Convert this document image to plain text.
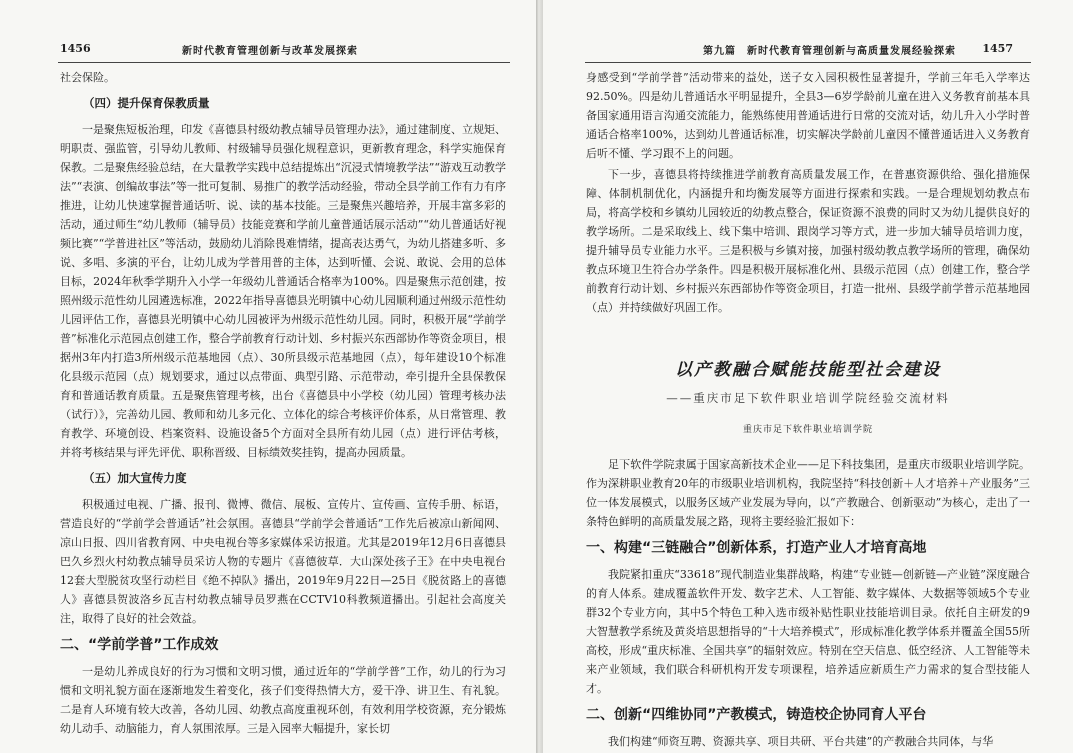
1456	新时代教育管理创新与改革发展探索

社会保险。

（四）提升保育保教质量

一是聚焦短板治理，印发《喜德县村级幼教点辅导员管理办法》，通过建制度、立规矩、明职责、强监管，引导幼儿教师、村级辅导员强化规程意识，更新教育理念，科学实施保育保教。二是聚焦经验总结，在大量教学实践中总结提炼出“沉浸式情境教学法”“游戏互动教学法”“表演、创编故事法”等一批可复制、易推广的教学活动经验，带动全县学前工作有力有序推进，让幼儿快速掌握普通话听、说、读的基本技能。三是聚焦兴趣培养，开展丰富多彩的活动，通过师生“幼儿教师（辅导员）技能竞赛和学前儿童普通话展示活动”“幼儿普通话好视频比赛”“学普进社区”等活动，鼓励幼儿消除畏难情绪，提高表达勇气，为幼儿搭建多听、多说、多唱、多演的平台，让幼儿成为学普用普的主体，达到听懂、会说、敢说、会用的总体目标，2024年秋季学期升入小学一年级幼儿普通话合格率为100%。四是聚焦示范创建，按照州级示范性幼儿园遴选标准，2022年指导喜德县光明镇中心幼儿园顺利通过州级示范性幼儿园评估工作，喜德县光明镇中心幼儿园被评为州级示范性幼儿园。同时，积极开展“学前学普”标准化示范园点创建工作，整合学前教育行动计划、乡村振兴东西部协作等资金项目，根据州3年内打造3所州级示范基地园（点）、30所县级示范基地园（点），每年建设10个标准化县级示范园（点）规划要求，通过以点带面、典型引路、示范带动，牵引提升全县保教保育和普通话教育质量。五是聚焦管理考核，出台《喜德县中小学校（幼儿园）管理考核办法（试行）》，完善幼儿园、教师和幼儿多元化、立体化的综合考核评价体系，从日常管理、教育教学、环境创设、档案资料、设施设备5个方面对全县所有幼儿园（点）进行评估考核，并将考核结果与评先评优、职称晋级、目标绩效奖挂钩，提高办园质量。

（五）加大宣传力度

积极通过电视、广播、报刊、微博、微信、展板、宣传片、宣传画、宣传手册、标语，营造良好的“学前学会普通话”社会氛围。喜德县“学前学会普通话”工作先后被凉山新闻网、凉山日报、四川省教育网、中央电视台等多家媒体采访报道。尤其是2019年12月6日喜德县巴久乡烈火村幼教点辅导员采访人物的专题片《喜德彼草．大山深处孩子王》在中央电视台12套大型脱贫攻坚行动栏目《绝不掉队》播出，2019年9月22日—25日《脱贫路上的喜德人》喜德县贺波洛乡瓦吉村幼教点辅导员罗燕在CCTV10科教频道播出。引起社会高度关注，取得了良好的社会效益。

二、“学前学普”工作成效

一是幼儿养成良好的行为习惯和文明习惯，通过近年的“学前学普”工作，幼儿的行为习惯和文明礼貌方面在逐渐地发生着变化，孩子们变得热情大方，爱干净、讲卫生、有礼貌。二是育人环境有较大改善，各幼儿园、幼教点高度重视环创，有效利用学校资源，充分锻炼幼儿动手、动脑能力，育人氛围浓厚。三是入园率大幅提升，家长切

第九篇　新时代教育管理创新与高质量发展经验探索 1457

身感受到“学前学普”活动带来的益处，送子女入园积极性显著提升，学前三年毛入学率达92.50%。四是幼儿普通话水平明显提升，全县3—6岁学龄前儿童在进入义务教育前基本具备国家通用语言沟通交流能力，能熟练使用普通话进行日常的交流对话，幼儿升入小学时普通话合格率100%，达到幼儿普通话标准，切实解决学龄前儿童因不懂普通话进入义务教育后听不懂、学习跟不上的问题。

下一步，喜德县将持续推进学前教育高质量发展工作，在普惠资源供给、强化措施保障、体制机制优化，内涵提升和均衡发展等方面进行探索和实践。一是合理规划幼教点布局，将高学校和乡镇幼儿园较近的幼教点整合，保证资源不浪费的同时又为幼儿提供良好的教学场所。二是采取线上、线下集中培训、跟岗学习等方式，进一步加大辅导员培训力度，提升辅导员专业能力水平。三是积极与乡镇对接，加强村级幼教点教学场所的管理，确保幼教点环境卫生符合办学条件。四是积极开展标准化州、县级示范园（点）创建工作，整合学前教育行动计划、乡村振兴东西部协作等资金项目，打造一批州、县级学前学普示范基地园（点）并持续做好巩固工作。

以产教融合赋能技能型社会建设
——重庆市足下软件职业培训学院经验交流材料
重庆市足下软件职业培训学院

足下软件学院隶属于国家高新技术企业——足下科技集团，是重庆市级职业培训学院。作为深耕职业教育20年的市级职业培训机构，我院坚持“科技创新＋人才培养＋产业服务”三位一体发展模式，以服务区域产业发展为导向，以“产教融合、创新驱动”为核心，走出了一条特色鲜明的高质量发展之路，现将主要经验汇报如下：

一、构建“三链融合”创新体系，打造产业人才培育高地

我院紧扣重庆“33618”现代制造业集群战略，构建“专业链—创新链—产业链”深度融合的育人体系。建成覆盖软件开发、数字艺术、人工智能、数字媒体、大数据等领域5个专业群32个专业方向，其中5个特色工种入选市级补贴性职业技能培训目录。依托自主研发的9大智慧教学系统及黄炎培思想指导的“十大培养模式”，形成标准化教学体系并覆盖全国55所高校，形成“重庆标准、全国共享”的辐射效应。特别在空天信息、低空经济、人工智能等未来产业领域，我们联合科研机构开发专项课程，培养适应新质生产力需求的复合型技能人才。

二、创新“四维协同”产教模式，铸造校企协同育人平台

我们构建“师资互聘、资源共享、项目共研、平台共建”的产教融合共同体，与华
